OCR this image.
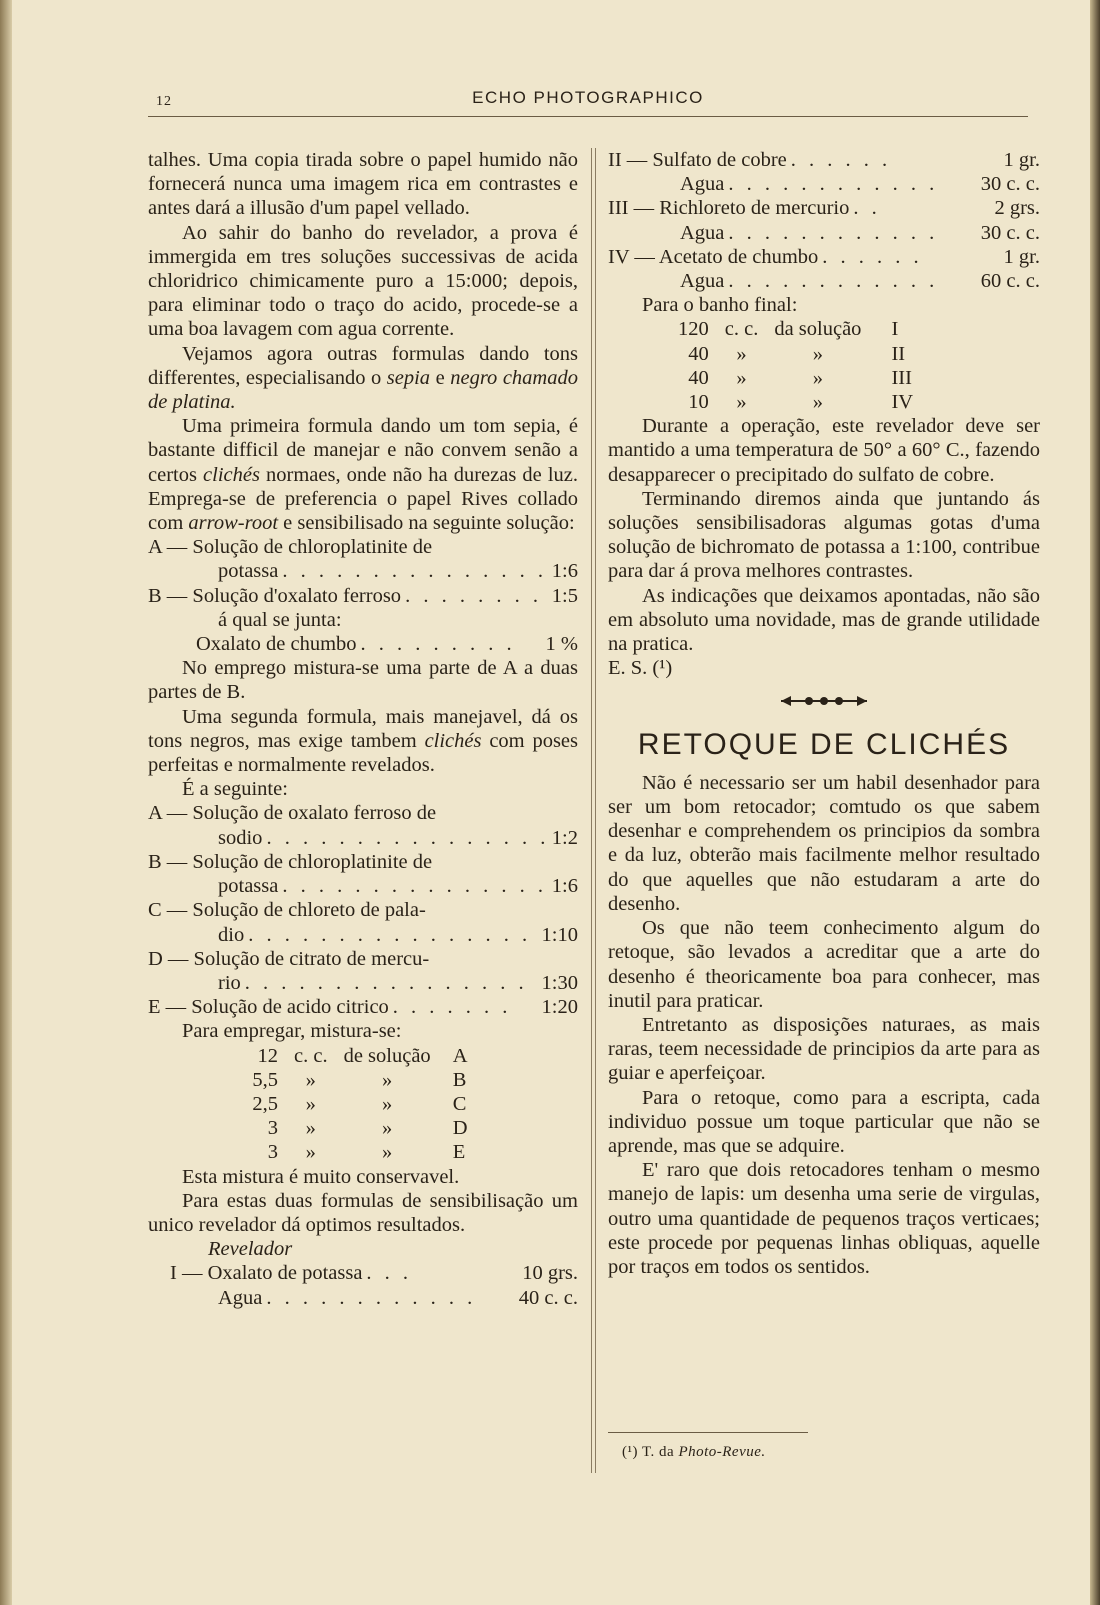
12	ECHO PHOTOGRAPHICO

talhes. Uma copia tirada sobre o papel humido não fornecerá nunca uma imagem rica em contrastes e antes dará a illusão d'um papel vellado.

Ao sahir do banho do revelador, a prova é immergida em tres soluções successivas de acida chloridrico chimicamente puro a 15:000; depois, para eliminar todo o traço do acido, procede-se a uma boa lavagem com agua corrente.

Vejamos agora outras formulas dando tons differentes, especialisando o sepia e negro chamado de platina.

Uma primeira formula dando um tom sepia, é bastante difficil de manejar e não convem senão a certos clichés normaes, onde não ha durezas de luz. Emprega-se de preferencia o papel Rives collado com arrow-root e sensibilisado na seguinte solução:

A — Solução de chloroplatinite de
potassa . . . . . . . . . . . . . . . 1:6
B — Solução d'oxalato ferroso . . . . . . . . 1:5
á qual se junta:
Oxalato de chumbo . . . . . . . . .	1 %

No emprego mistura-se uma parte de A a duas partes de B.

Uma segunda formula, mais manejavel, dá os tons negros, mas exige tambem clichés com poses perfeitas e normalmente revelados.

É a seguinte:

A — Solução de oxalato ferroso de
sodio . . . . . . . . . . . . . . . . 1:2
B — Solução de chloroplatinite de
potassa . . . . . . . . . . . . . . . 1:6
C — Solução de chloreto de pala-
dio . . . . . . . . . . . . . . . . 1:10
D — Solução de citrato de mercu-
rio . . . . . . . . . . . . . . . . 1:30
E — Solução de acido citrico . . . . . . .	1:20

Para empregar, mistura-se:

12	c. c.	de solução	A
5,5	»	»	B
2,5	»	»	C
3	»	»	D
3	»	»	E

Esta mistura é muito conservavel.

Para estas duas formulas de sensibilisação um unico revelador dá optimos resultados.

Revelador

I — Oxalato de potassa . . .	10 grs.
Agua . . . . . . . . . . . .	40 c. c.
II — Sulfato de cobre . . . . . .	1 gr.
Agua . . . . . . . . . . . .	30 c. c.
III — Richloreto de mercurio . .	2 grs.
Agua . . . . . . . . . . . .	30 c. c.
IV — Acetato de chumbo . . . . . .	1 gr.
Agua . . . . . . . . . . . .	60 c. c.

Para o banho final:

120	c. c.	da solução	I
40	»	»	II
40	»	»	III
10	»	»	IV

Durante a operação, este revelador deve ser mantido a uma temperatura de 50° a 60° C., fazendo desapparecer o precipitado do sulfato de cobre.

Terminando diremos ainda que juntando ás soluções sensibilisadoras algumas gotas d'uma solução de bichromato de potassa a 1:100, contribue para dar á prova melhores contrastes.

As indicações que deixamos apontadas, não são em absoluto uma novidade, mas de grande utilidade na pratica.

E. S. (¹)

RETOQUE DE CLICHÉS

Não é necessario ser um habil desenhador para ser um bom retocador; comtudo os que sabem desenhar e comprehendem os principios da sombra e da luz, obterão mais facilmente melhor resultado do que aquelles que não estudaram a arte do desenho.

Os que não teem conhecimento algum do retoque, são levados a acreditar que a arte do desenho é theoricamente boa para conhecer, mas inutil para praticar.

Entretanto as disposições naturaes, as mais raras, teem necessidade de principios da arte para as guiar e aperfeiçoar.

Para o retoque, como para a escripta, cada individuo possue um toque particular que não se aprende, mas que se adquire.

E' raro que dois retocadores tenham o mesmo manejo de lapis: um desenha uma serie de virgulas, outro uma quantidade de pequenos traços verticaes; este procede por pequenas linhas obliquas, aquelle por traços em todos os sentidos.

(¹) T. da Photo-Revue.
